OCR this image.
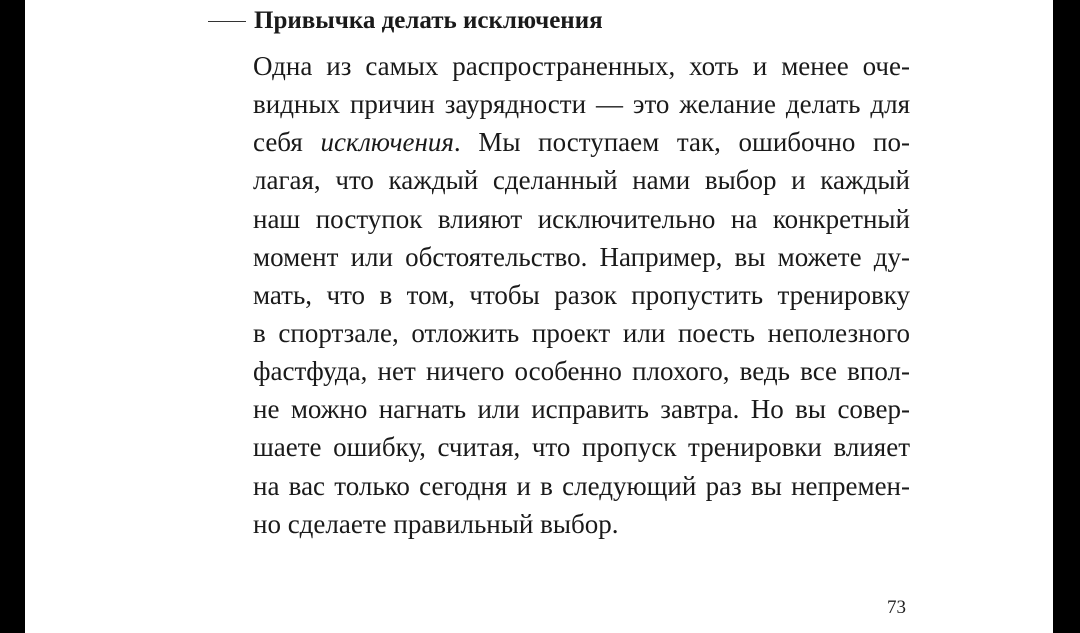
Привычка делать исключения
Одна из самых распространенных, хоть и менее оче-
видных причин заурядности — это желание делать для
себя исключения. Мы поступаем так, ошибочно по-
лагая, что каждый сделанный нами выбор и каждый
наш поступок влияют исключительно на конкретный
момент или обстоятельство. Например, вы можете ду-
мать, что в том, чтобы разок пропустить тренировку
в спортзале, отложить проект или поесть неполезного
фастфуда, нет ничего особенно плохого, ведь все впол-
не можно нагнать или исправить завтра. Но вы совер-
шаете ошибку, считая, что пропуск тренировки влияет
на вас только сегодня и в следующий раз вы непремен-
но сделаете правильный выбор.
73
